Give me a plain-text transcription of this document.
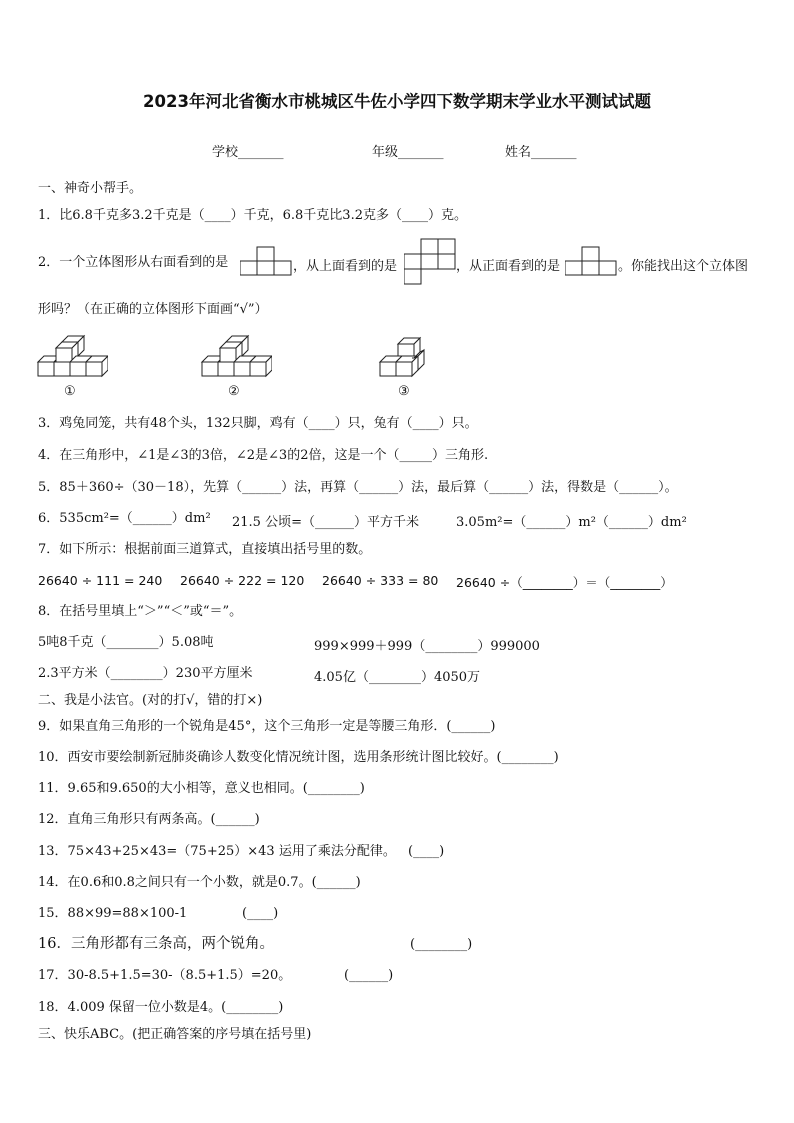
2023年河北省衡水市桃城区牛佐小学四下数学期末学业水平测试试题
学校_______	年级_______	姓名_______
一、神奇小帮手。
1．比6.8千克多3.2千克是（____）千克，6.8千克比3.2克多（____）克。
2．一个立体图形从右面看到的是	，从上面看到的是	，从正面看到的是	。你能找出这个立体图
形吗？（在正确的立体图形下面画“√”）
①	②	③
3．鸡兔同笼，共有48个头，132只脚，鸡有（____）只，兔有（____）只。
4．在三角形中，∠1是∠3的3倍，∠2是∠3的2倍，这是一个（_____）三角形.
5．85＋360÷（30－18），先算（______）法，再算（______）法，最后算（______）法，得数是（______）。
6．535cm²=（______）dm² 21.5 公顷=（______）平方千米	3.05m²=（______）m²（______）dm²
7．如下所示：根据前面三道算式，直接填出括号里的数。
26640 ÷ 111 = 240 26640 ÷ 222 = 120 26640 ÷ 333 = 80 26640 ÷（________）＝（________）
8．在括号里填上“＞”“＜”或“＝”。
5吨8千克（________）5.08吨	999×999＋999（________）999000
2.3平方米（________）230平方厘米	4.05亿（________）4050万
二、我是小法官。(对的打√，错的打×)
9．如果直角三角形的一个锐角是45°，这个三角形一定是等腰三角形．(______)
10．西安市要绘制新冠肺炎确诊人数变化情况统计图，选用条形统计图比较好。(________)
11．9.65和9.650的大小相等，意义也相同。(________)
12．直角三角形只有两条高。(______)
13．75×43+25×43=（75+25）×43 运用了乘法分配律。 (____)
14．在0.6和0.8之间只有一个小数，就是0.7。(______)
15．88×99=88×100-1	(____)
16．三角形都有三条高，两个锐角。	(________)
17．30-8.5+1.5=30-（8.5+1.5）=20。	(______)
18．4.009 保留一位小数是4。(________)
三、快乐ABC。(把正确答案的序号填在括号里)
